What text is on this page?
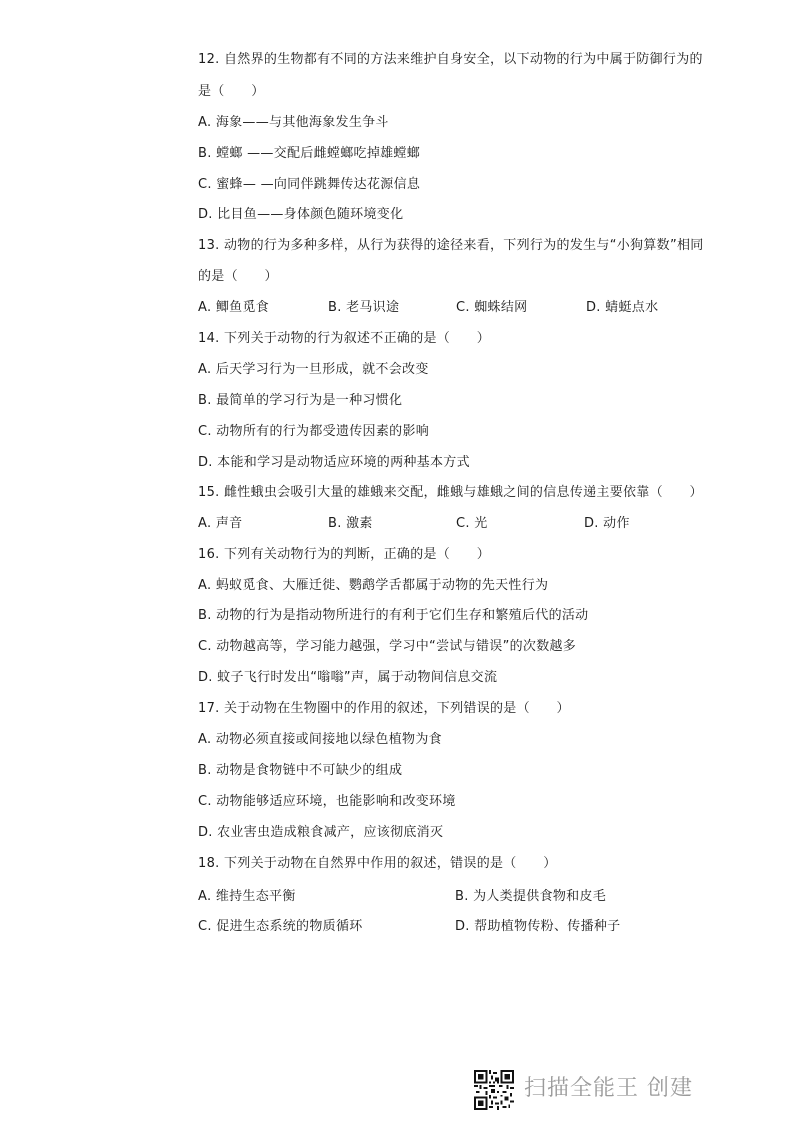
12. 自然界的生物都有不同的方法来维护自身安全，以下动物的行为中属于防御行为的
是（　　）
A. 海象——与其他海象发生争斗
B. 螳螂 ——交配后雌螳螂吃掉雄螳螂
C. 蜜蜂— —向同伴跳舞传达花源信息
D. 比目鱼——身体颜色随环境变化
13. 动物的行为多种多样，从行为获得的途径来看，下列行为的发生与“小狗算数”相同
的是（　　）
A. 鲫鱼觅食	B. 老马识途	C. 蜘蛛结网	D. 蜻蜓点水
14. 下列关于动物的行为叙述不正确的是（　　）
A. 后天学习行为一旦形成，就不会改变
B. 最简单的学习行为是一种习惯化
C. 动物所有的行为都受遗传因素的影响
D. 本能和学习是动物适应环境的两种基本方式
15. 雌性蛾虫会吸引大量的雄蛾来交配，雌蛾与雄蛾之间的信息传递主要依靠（　　）
A. 声音	B. 激素	C. 光	D. 动作
16. 下列有关动物行为的判断，正确的是（　　）
A. 蚂蚁觅食、大雁迁徙、鹦鹉学舌都属于动物的先天性行为
B. 动物的行为是指动物所进行的有利于它们生存和繁殖后代的活动
C. 动物越高等，学习能力越强，学习中“尝试与错误”的次数越多
D. 蚊子飞行时发出“嗡嗡”声，属于动物间信息交流
17. 关于动物在生物圈中的作用的叙述，下列错误的是（　　）
A. 动物必须直接或间接地以绿色植物为食
B. 动物是食物链中不可缺少的组成
C. 动物能够适应环境，也能影响和改变环境
D. 农业害虫造成粮食减产，应该彻底消灭
18. 下列关于动物在自然界中作用的叙述，错误的是（　　）
A. 维持生态平衡	B. 为人类提供食物和皮毛
C. 促进生态系统的物质循环	D. 帮助植物传粉、传播种子
扫描全能王 创建
